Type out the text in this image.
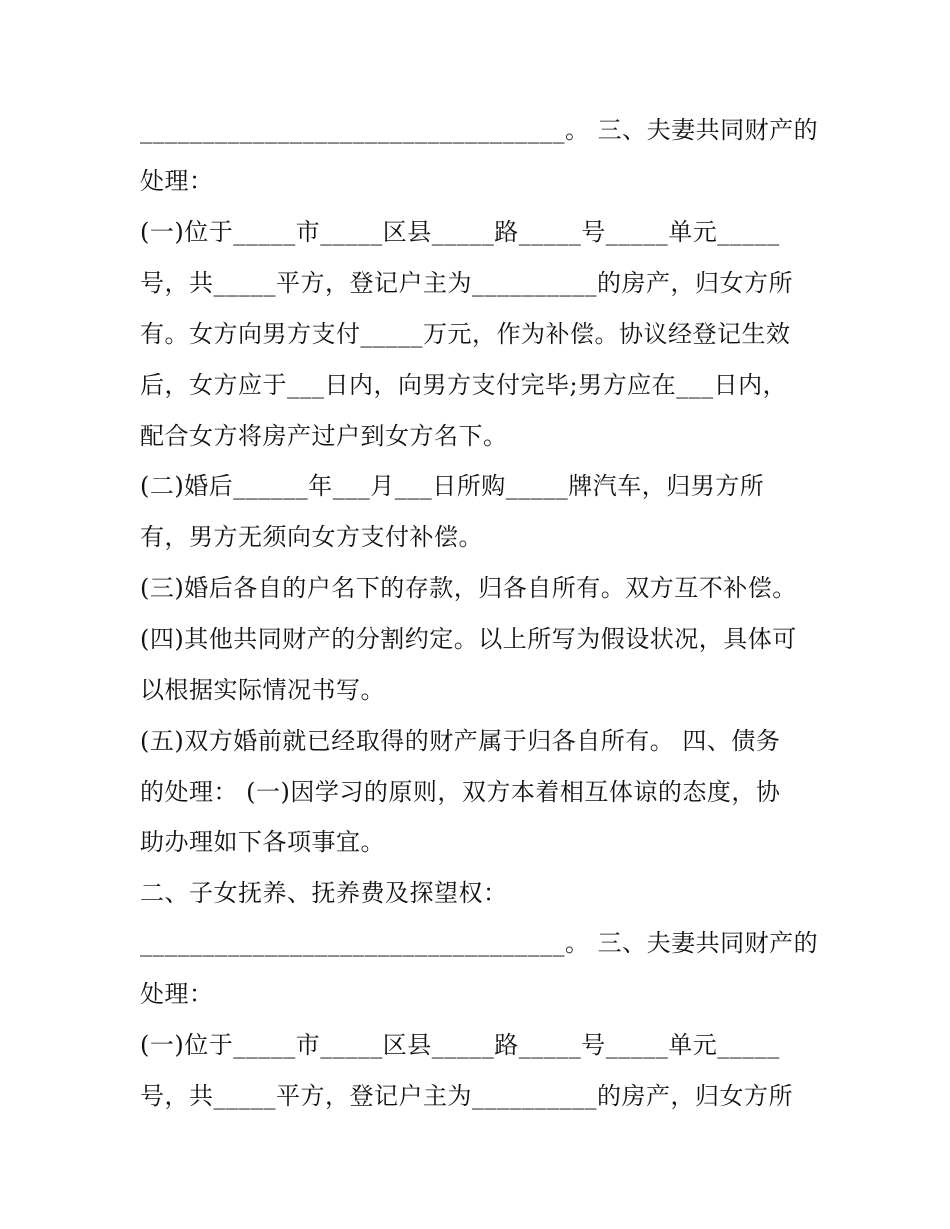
__________________________________。 三、夫妻共同财产的
处理：
(一)位于_____市_____区县_____路_____号_____单元_____
号，共_____平方，登记户主为__________的房产，归女方所
有。女方向男方支付_____万元，作为补偿。协议经登记生效
后，女方应于___日内，向男方支付完毕;男方应在___日内，
配合女方将房产过户到女方名下。
(二)婚后______年___月___日所购_____牌汽车，归男方所
有，男方无须向女方支付补偿。
(三)婚后各自的户名下的存款，归各自所有。双方互不补偿。
(四)其他共同财产的分割约定。以上所写为假设状况，具体可
以根据实际情况书写。
(五)双方婚前就已经取得的财产属于归各自所有。 四、债务
的处理： (一)因学习的原则，双方本着相互体谅的态度，协
助办理如下各项事宜。
二、子女抚养、抚养费及探望权：
__________________________________。 三、夫妻共同财产的
处理：
(一)位于_____市_____区县_____路_____号_____单元_____
号，共_____平方，登记户主为__________的房产，归女方所
